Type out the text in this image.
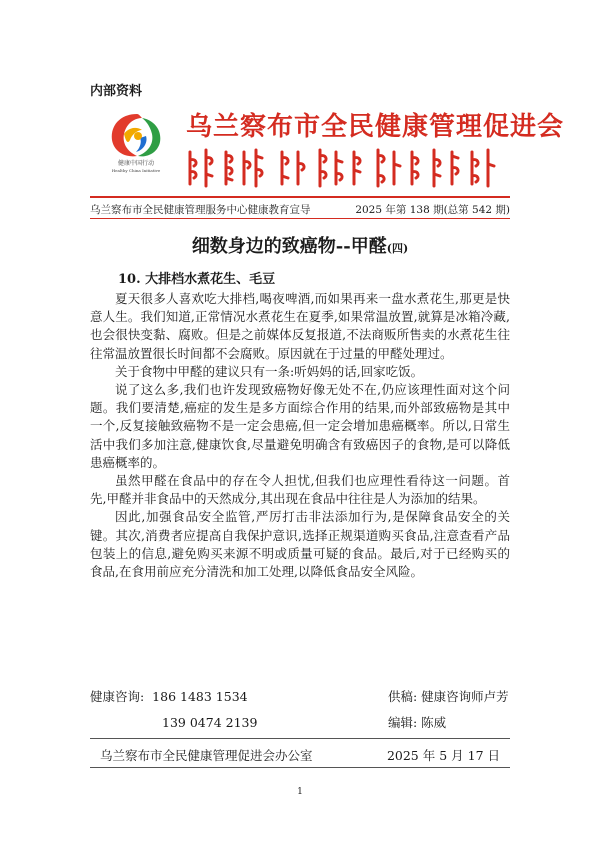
内部资料
健康中国行动
Healthy China Initiative
乌兰察布市全民健康管理促进会
乌兰察布市全民健康管理服务中心健康教育宣导	2025 年第 138 期(总第 542 期)
细数身边的致癌物--甲醛(四)
10. 大排档水煮花生、毛豆

夏天很多人喜欢吃大排档,喝夜啤酒,而如果再来一盘水煮花生,那更是快意人生。我们知道,正常情况水煮花生在夏季,如果常温放置,就算是冰箱冷藏,也会很快变黏、腐败。但是之前媒体反复报道,不法商贩所售卖的水煮花生往往常温放置很长时间都不会腐败。原因就在于过量的甲醛处理过。

关于食物中甲醛的建议只有一条:听妈妈的话,回家吃饭。

说了这么多,我们也许发现致癌物好像无处不在,仍应该理性面对这个问题。我们要清楚,癌症的发生是多方面综合作用的结果,而外部致癌物是其中一个,反复接触致癌物不是一定会患癌,但一定会增加患癌概率。所以,日常生活中我们多加注意,健康饮食,尽量避免明确含有致癌因子的食物,是可以降低患癌概率的。

虽然甲醛在食品中的存在令人担忧,但我们也应理性看待这一问题。首先,甲醛并非食品中的天然成分,其出现在食品中往往是人为添加的结果。

因此,加强食品安全监管,严厉打击非法添加行为,是保障食品安全的关键。其次,消费者应提高自我保护意识,选择正规渠道购买食品,注意查看产品包装上的信息,避免购买来源不明或质量可疑的食品。最后,对于已经购买的食品,在食用前应充分清洗和加工处理,以降低食品安全风险。

健康咨询: 186 1483 1534	供稿: 健康咨询师卢芳
139 0474 2139	编辑: 陈威
乌兰察布市全民健康管理促进会办公室	2025 年 5 月 17 日
1
